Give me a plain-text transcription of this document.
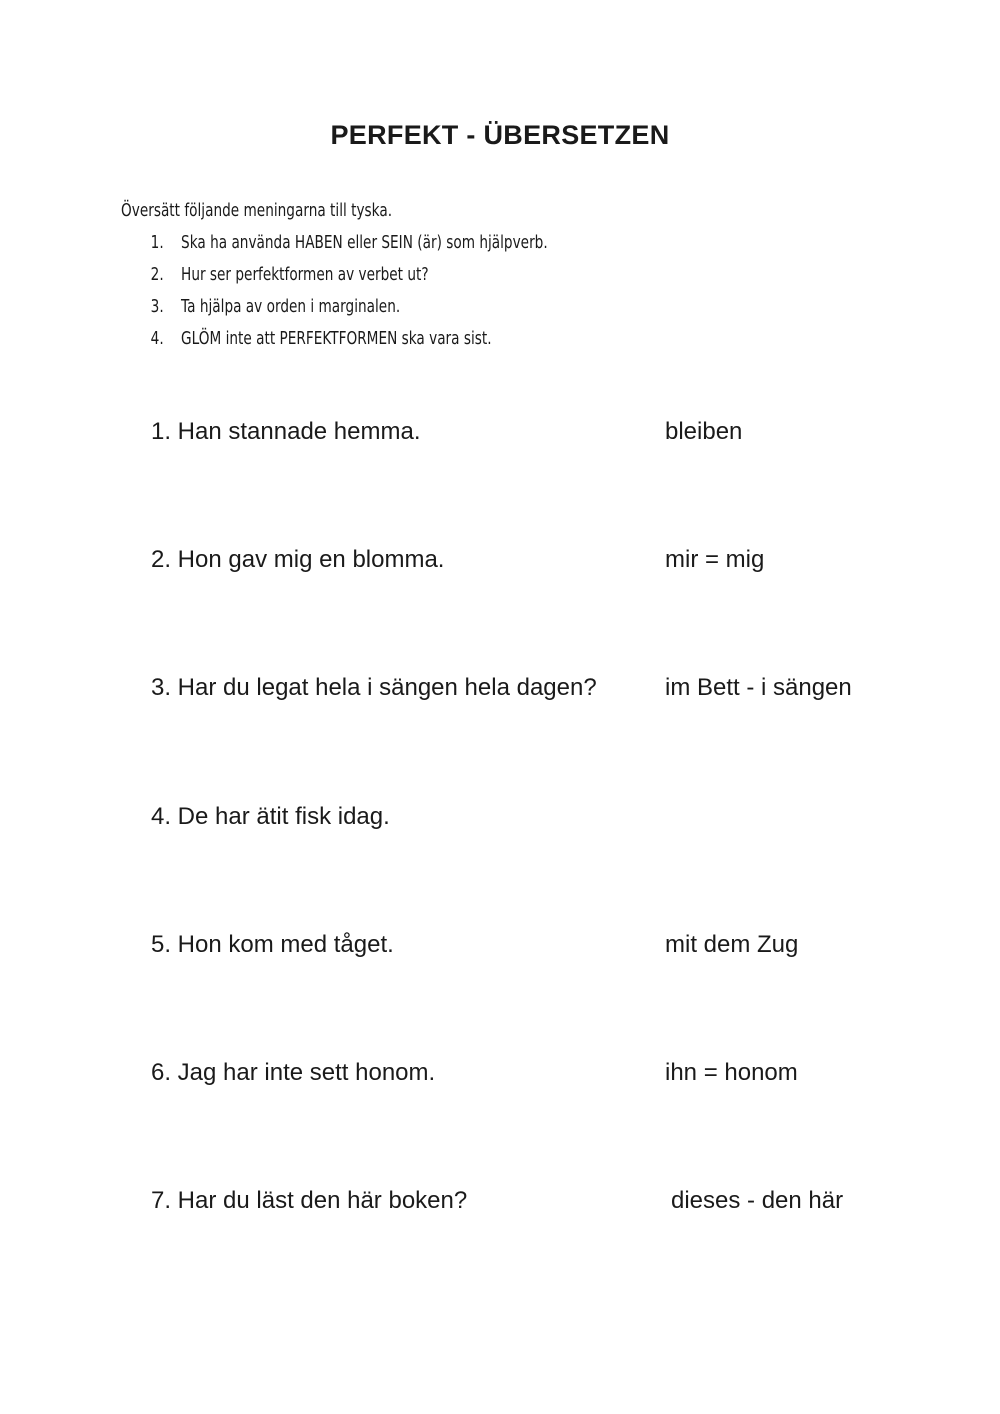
PERFEKT - ÜBERSETZEN

Översätt följande meningarna till tyska.

1. Ska ha använda HABEN eller SEIN (är) som hjälpverb.
2. Hur ser perfektformen av verbet ut?
3. Ta hjälpa av orden i marginalen.
4. GLÖM inte att PERFEKTFORMEN ska vara sist.
1. Han stannade hemma.	bleiben
2. Hon gav mig en blomma.	mir = mig
3. Har du legat hela i sängen hela dagen?	im Bett - i sängen
4. De har ätit fisk idag.
5. Hon kom med tåget.	mit dem Zug
6. Jag har inte sett honom.	ihn = honom
7. Har du läst den här boken?	dieses - den här
